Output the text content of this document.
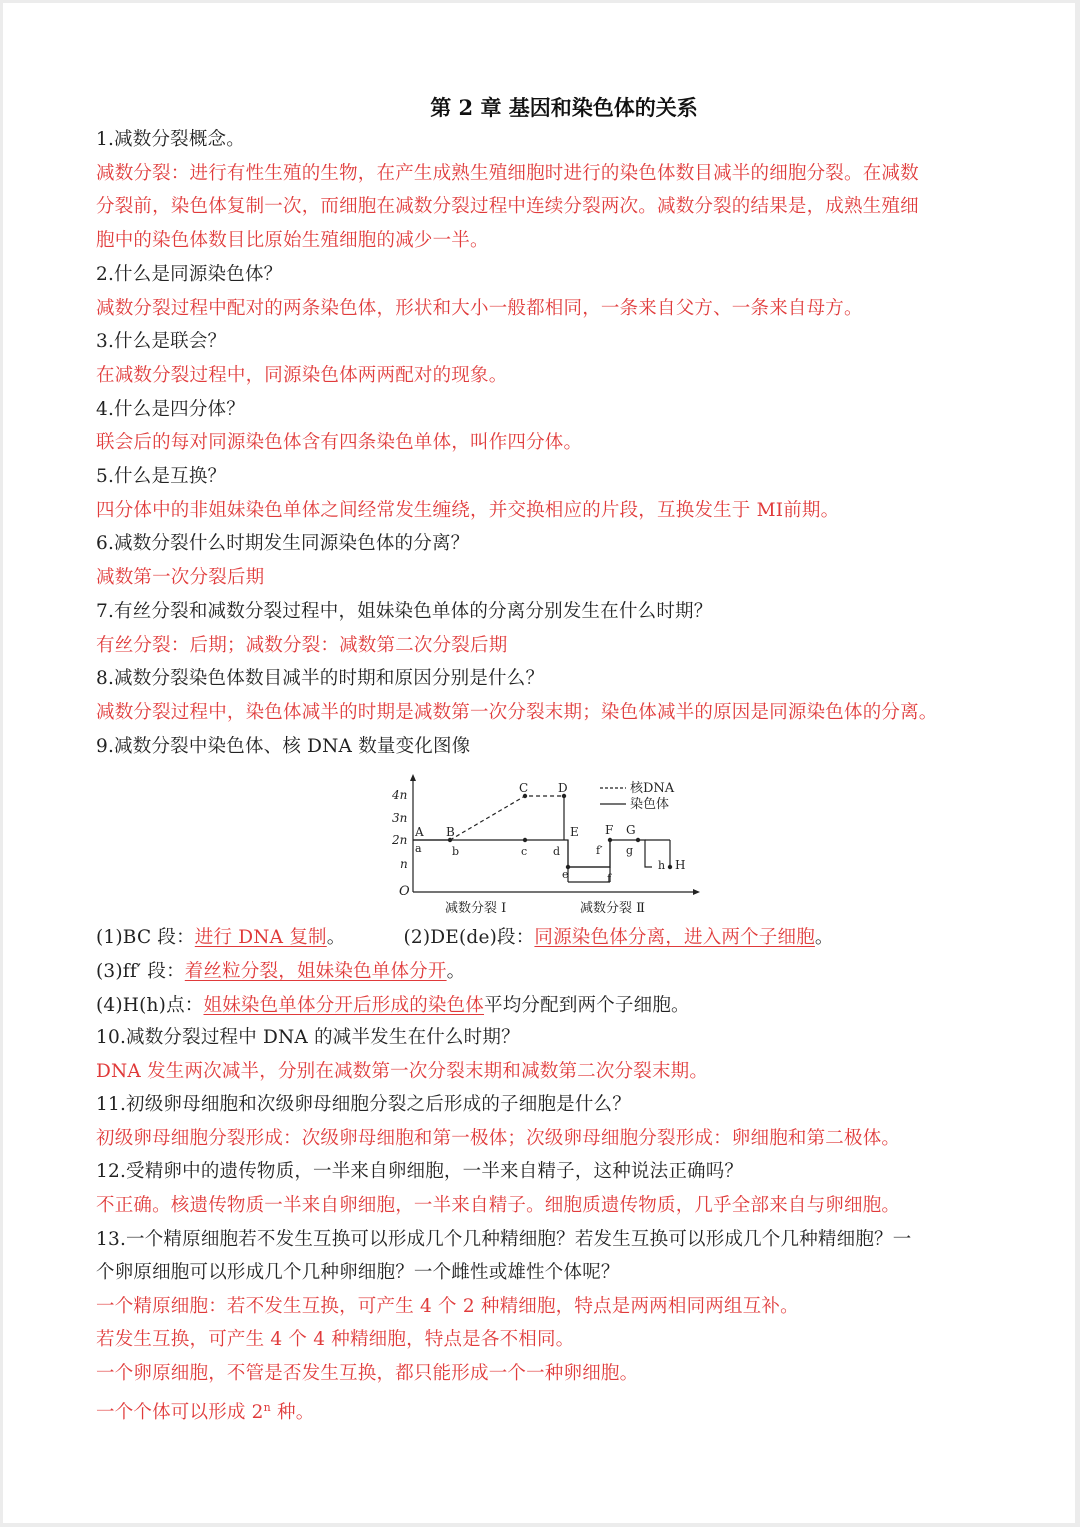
第 2 章 基因和染色体的关系
1.减数分裂概念。
减数分裂：进行有性生殖的生物，在产生成熟生殖细胞时进行的染色体数目减半的细胞分裂。在减数
分裂前，染色体复制一次，而细胞在减数分裂过程中连续分裂两次。减数分裂的结果是，成熟生殖细
胞中的染色体数目比原始生殖细胞的减少一半。
2.什么是同源染色体？
减数分裂过程中配对的两条染色体，形状和大小一般都相同，一条来自父方、一条来自母方。
3.什么是联会？
在减数分裂过程中，同源染色体两两配对的现象。
4.什么是四分体？
联会后的每对同源染色体含有四条染色单体，叫作四分体。
5.什么是互换？
四分体中的非姐妹染色单体之间经常发生缠绕，并交换相应的片段，互换发生于 MⅠ前期。
6.减数分裂什么时期发生同源染色体的分离？
减数第一次分裂后期
7.有丝分裂和减数分裂过程中，姐妹染色单体的分离分别发生在什么时期？
有丝分裂：后期；减数分裂：减数第二次分裂后期
8.减数分裂染色体数目减半的时期和原因分别是什么？
减数分裂过程中，染色体减半的时期是减数第一次分裂末期；染色体减半的原因是同源染色体的分离。
9.减数分裂中染色体、核 DNA 数量变化图像
4n
3n
2n
n
O
A B
C D
E F G
H
a	b	c d
e
f′
f
g
h
核DNA
染色体
减数分裂 Ⅰ	减数分裂 Ⅱ
(1)BC 段：进行 DNA 复制。	(2)DE(de)段：同源染色体分离，进入两个子细胞。
(3)ff′ 段：着丝粒分裂，姐妹染色单体分开。
(4)H(h)点：姐妹染色单体分开后形成的染色体平均分配到两个子细胞。
10.减数分裂过程中 DNA 的减半发生在什么时期？
DNA 发生两次减半，分别在减数第一次分裂末期和减数第二次分裂末期。
11.初级卵母细胞和次级卵母细胞分裂之后形成的子细胞是什么？
初级卵母细胞分裂形成：次级卵母细胞和第一极体；次级卵母细胞分裂形成：卵细胞和第二极体。
12.受精卵中的遗传物质，一半来自卵细胞，一半来自精子，这种说法正确吗？
不正确。核遗传物质一半来自卵细胞，一半来自精子。细胞质遗传物质，几乎全部来自与卵细胞。
13.一个精原细胞若不发生互换可以形成几个几种精细胞？若发生互换可以形成几个几种精细胞？一
个卵原细胞可以形成几个几种卵细胞？一个雌性或雄性个体呢？
一个精原细胞：若不发生互换，可产生 4 个 2 种精细胞，特点是两两相同两组互补。
若发生互换，可产生 4 个 4 种精细胞，特点是各不相同。
一个卵原细胞，不管是否发生互换，都只能形成一个一种卵细胞。
一个个体可以形成 2$^n$ 种。
